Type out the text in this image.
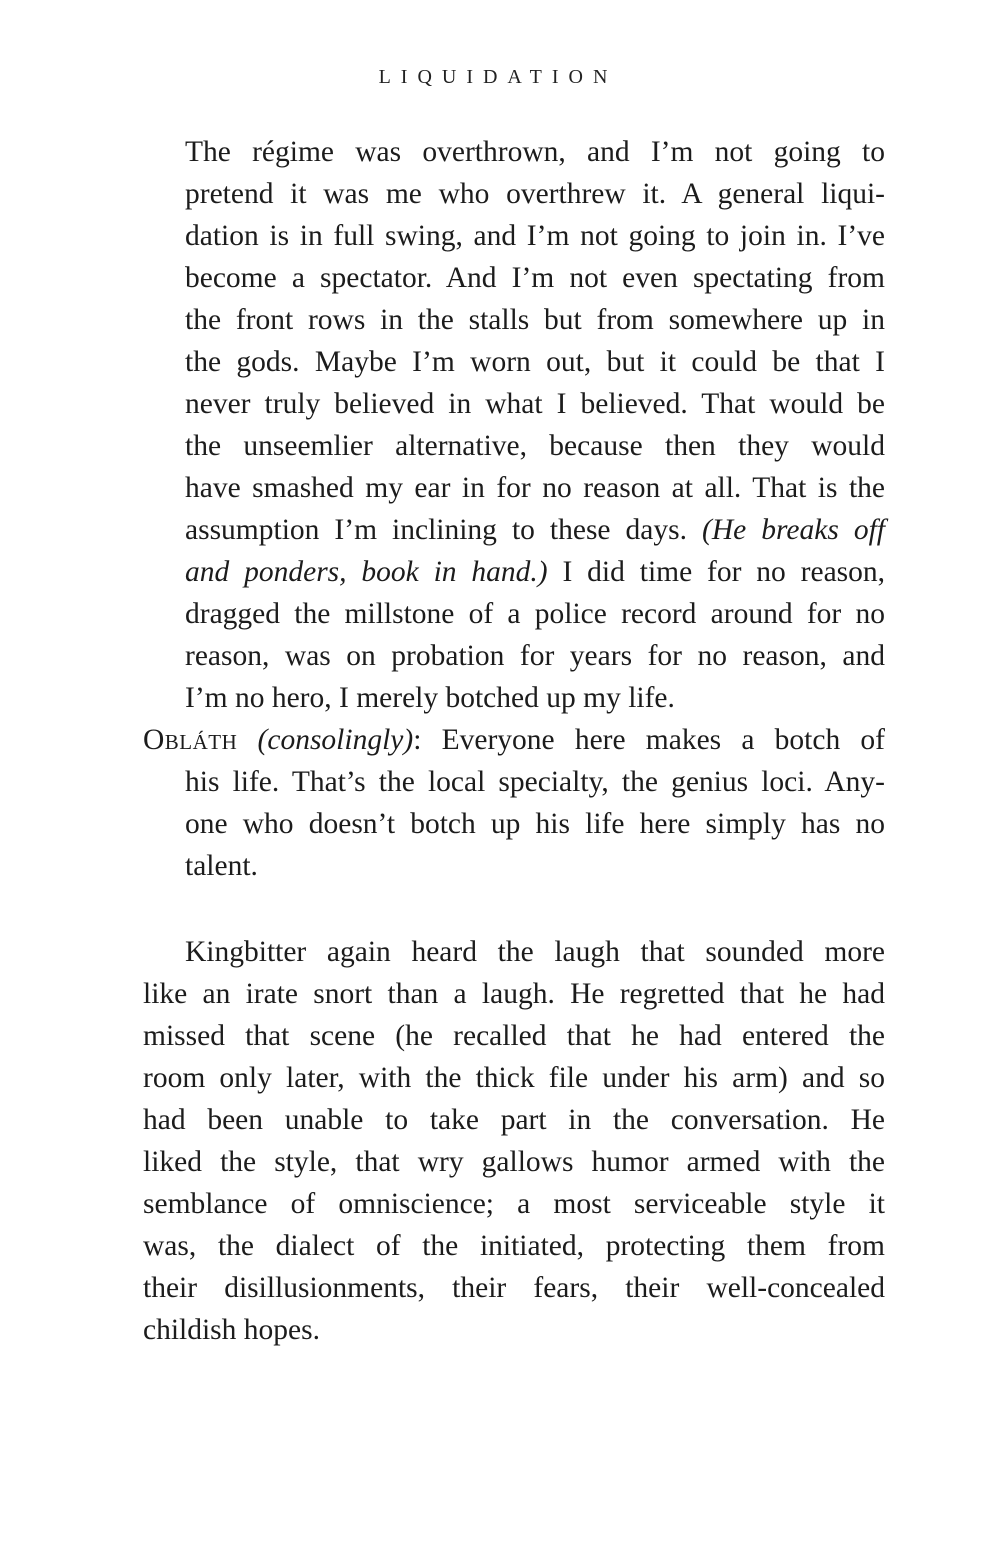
LIQUIDATION
The régime was overthrown, and I’m not going to
pretend it was me who overthrew it. A general liqui-
dation is in full swing, and I’m not going to join in. I’ve
become a spectator. And I’m not even spectating from
the front rows in the stalls but from somewhere up in
the gods. Maybe I’m worn out, but it could be that I
never truly believed in what I believed. That would be
the unseemlier alternative, because then they would
have smashed my ear in for no reason at all. That is the
assumption I’m inclining to these days. (He breaks off
and ponders, book in hand.) I did time for no reason,
dragged the millstone of a police record around for no
reason, was on probation for years for no reason, and
I’m no hero, I merely botched up my life.
Obláth (consolingly): Everyone here makes a botch of
his life. That’s the local specialty, the genius loci. Any-
one who doesn’t botch up his life here simply has no
talent.
Kingbitter again heard the laugh that sounded more
like an irate snort than a laugh. He regretted that he had
missed that scene (he recalled that he had entered the
room only later, with the thick file under his arm) and so
had been unable to take part in the conversation. He
liked the style, that wry gallows humor armed with the
semblance of omniscience; a most serviceable style it
was, the dialect of the initiated, protecting them from
their disillusionments, their fears, their well-concealed
childish hopes.
